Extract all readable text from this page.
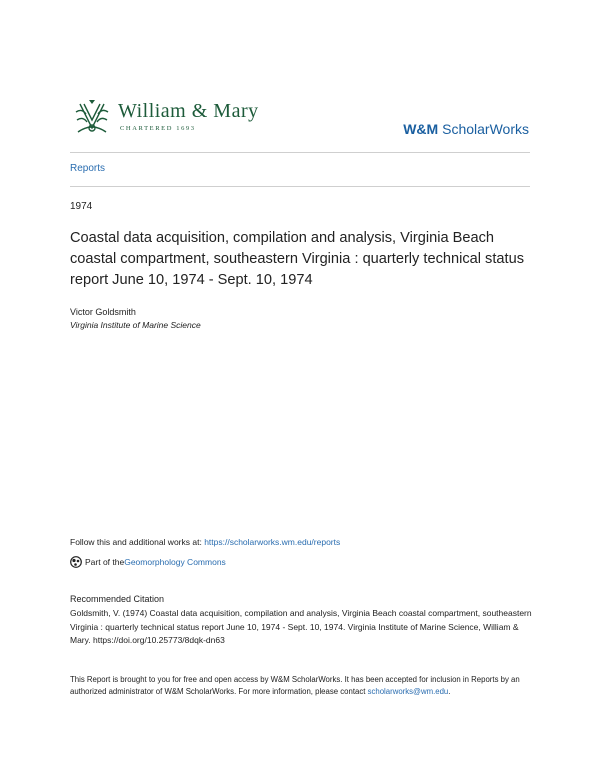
William & Mary
CHARTERED 1693	W&M ScholarWorks
Reports
1974
Coastal data acquisition, compilation and analysis, Virginia Beach coastal compartment, southeastern Virginia : quarterly technical status report June 10, 1974 - Sept. 10, 1974
Victor Goldsmith
Virginia Institute of Marine Science
Follow this and additional works at: https://scholarworks.wm.edu/reports
Part of the Geomorphology Commons
Recommended Citation
Goldsmith, V. (1974) Coastal data acquisition, compilation and analysis, Virginia Beach coastal compartment, southeastern Virginia : quarterly technical status report June 10, 1974 - Sept. 10, 1974. Virginia Institute of Marine Science, William & Mary. https://doi.org/10.25773/8dqk-dn63
This Report is brought to you for free and open access by W&M ScholarWorks. It has been accepted for inclusion in Reports by an authorized administrator of W&M ScholarWorks. For more information, please contact scholarworks@wm.edu.
